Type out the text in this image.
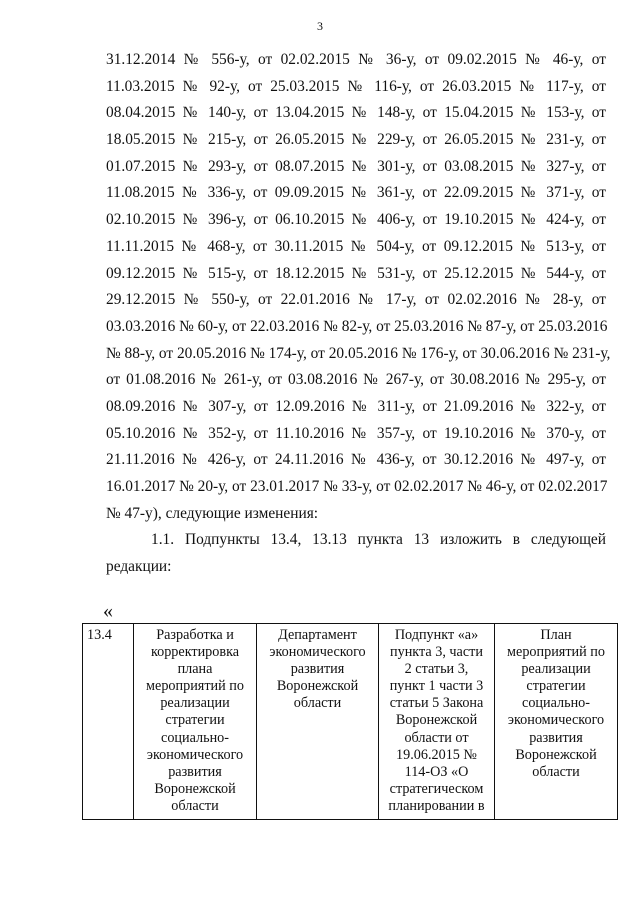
3
31.12.2014 № 556-у, от 02.02.2015 № 36-у, от 09.02.2015 № 46-у, от
11.03.2015 № 92-у, от 25.03.2015 № 116-у, от 26.03.2015 № 117-у, от
08.04.2015 № 140-у, от 13.04.2015 № 148-у, от 15.04.2015 № 153-у, от
18.05.2015 № 215-у, от 26.05.2015 № 229-у, от 26.05.2015 № 231-у, от
01.07.2015 № 293-у, от 08.07.2015 № 301-у, от 03.08.2015 № 327-у, от
11.08.2015 № 336-у, от 09.09.2015 № 361-у, от 22.09.2015 № 371-у, от
02.10.2015 № 396-у, от 06.10.2015 № 406-у, от 19.10.2015 № 424-у, от
11.11.2015 № 468-у, от 30.11.2015 № 504-у, от 09.12.2015 № 513-у, от
09.12.2015 № 515-у, от 18.12.2015 № 531-у, от 25.12.2015 № 544-у, от
29.12.2015 № 550-у, от 22.01.2016 № 17-у, от 02.02.2016 № 28-у, от
03.03.2016 № 60-у, от 22.03.2016 № 82-у, от 25.03.2016 № 87-у, от 25.03.2016
№ 88-у, от 20.05.2016 № 174-у, от 20.05.2016 № 176-у, от 30.06.2016 № 231-у,
от 01.08.2016 № 261-у, от 03.08.2016 № 267-у, от 30.08.2016 № 295-у, от
08.09.2016 № 307-у, от 12.09.2016 № 311-у, от 21.09.2016 № 322-у, от
05.10.2016 № 352-у, от 11.10.2016 № 357-у, от 19.10.2016 № 370-у, от
21.11.2016 № 426-у, от 24.11.2016 № 436-у, от 30.12.2016 № 497-у, от
16.01.2017 № 20-у, от 23.01.2017 № 33-у, от 02.02.2017 № 46-у, от 02.02.2017
№ 47-у), следующие изменения:
1.1. Подпункты 13.4, 13.13 пункта 13 изложить в следующей
редакции:
«
13.4	Разработка и
корректировка
плана
мероприятий по
реализации
стратегии
социально-
экономического
развития
Воронежской
области

Департамент
экономического
развития
Воронежской
области

Подпункт «а»
пункта 3, части
2 статьи 3,
пункт 1 части 3
статьи 5 Закона
Воронежской
области от
19.06.2015 №
114-ОЗ «О
стратегическом
планировании в

План
мероприятий по
реализации
стратегии
социально-
экономического
развития
Воронежской
области
